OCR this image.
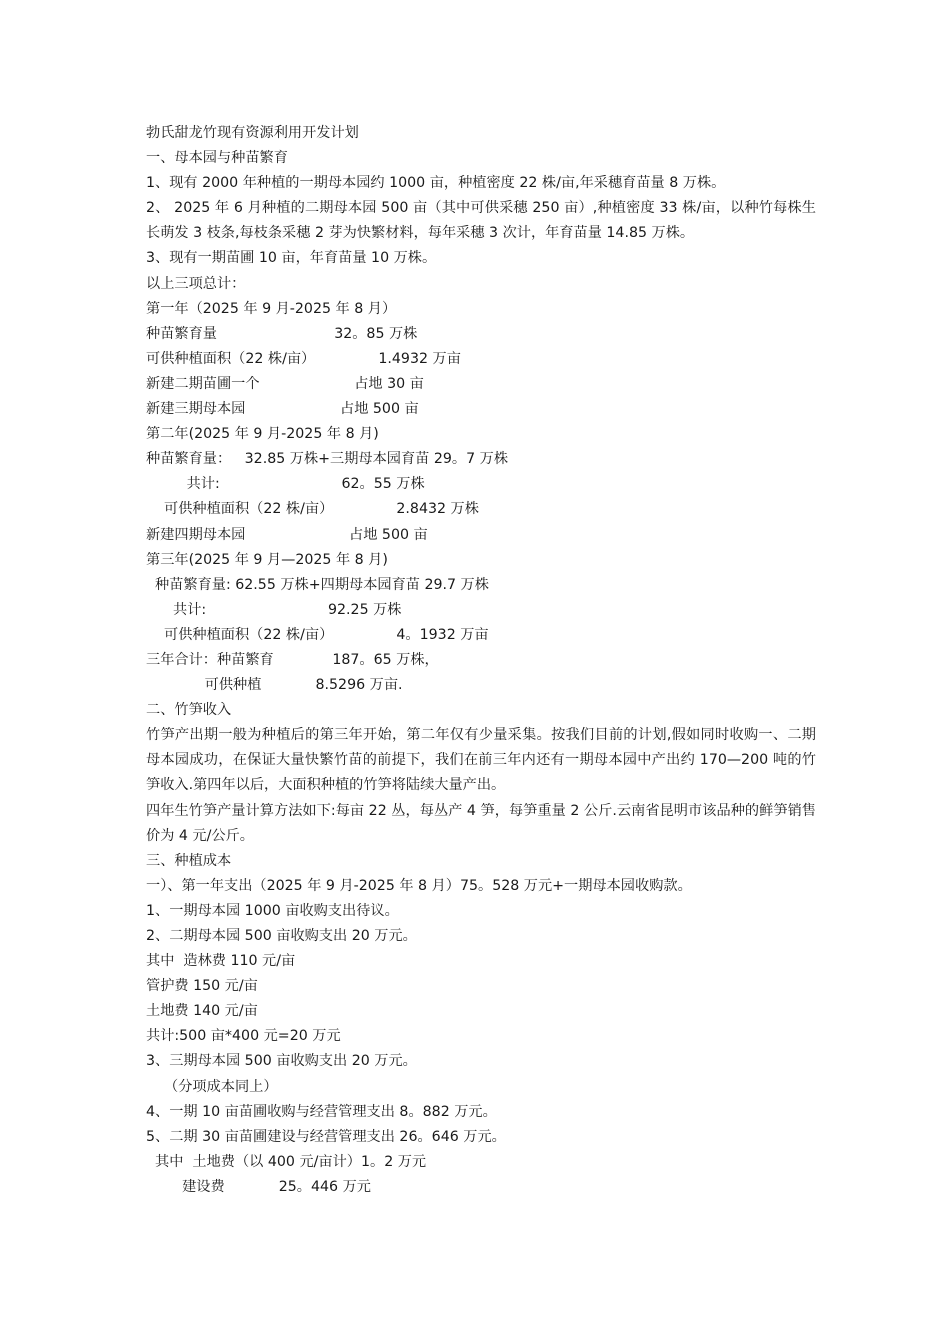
勃氏甜龙竹现有资源利用开发计划
一、母本园与种苗繁育
1、现有 2000 年种植的一期母本园约 1000 亩，种植密度 22 株/亩,年采穗育苗量 8 万株。
2、 2025 年 6 月种植的二期母本园 500 亩（其中可供采穗 250 亩）,种植密度 33 株/亩，以种竹每株生长萌发 3 枝条,每枝条采穗 2 芽为快繁材料，每年采穗 3 次计，年育苗量 14.85 万株。
3、现有一期苗圃 10 亩，年育苗量 10 万株。
以上三项总计：
第一年（2025 年 9 月-2025 年 8 月）
种苗繁育量                          32。85 万株
可供种植面积（22 株/亩）              1.4932 万亩
新建二期苗圃一个                     占地 30 亩
新建三期母本园                     占地 500 亩
第二年(2025 年 9 月-2025 年 8 月)
种苗繁育量：   32.85 万株+三期母本园育苗 29。7 万株
共计:                           62。55 万株
可供种植面积（22 株/亩）              2.8432 万株
新建四期母本园                       占地 500 亩
第三年(2025 年 9 月—2025 年 8 月)
种苗繁育量: 62.55 万株+四期母本园育苗 29.7 万株
共计:                           92.25 万株
可供种植面积（22 株/亩）              4。1932 万亩
三年合计：种苗繁育             187。65 万株，
可供种植            8.5296 万亩.
二、竹笋收入
竹笋产出期一般为种植后的第三年开始，第二年仅有少量采集。按我们目前的计划,假如同时收购一、二期母本园成功，在保证大量快繁竹苗的前提下，我们在前三年内还有一期母本园中产出约 170—200 吨的竹笋收入.第四年以后，大面积种植的竹笋将陆续大量产出。
四年生竹笋产量计算方法如下:每亩 22 丛，每丛产 4 笋，每笋重量 2 公斤.云南省昆明市该品种的鲜笋销售价为 4 元/公斤。
三、种植成本
一）、第一年支出（2025 年 9 月-2025 年 8 月）75。528 万元+一期母本园收购款。
1、一期母本园 1000 亩收购支出待议。
2、二期母本园 500 亩收购支出 20 万元。
其中  造林费 110 元/亩
管护费 150 元/亩
土地费 140 元/亩
共计:500 亩*400 元=20 万元
3、三期母本园 500 亩收购支出 20 万元。
（分项成本同上）
4、一期 10 亩苗圃收购与经营管理支出 8。882 万元。
5、二期 30 亩苗圃建设与经营管理支出 26。646 万元。
其中  土地费（以 400 元/亩计）1。2 万元
建设费            25。446 万元
